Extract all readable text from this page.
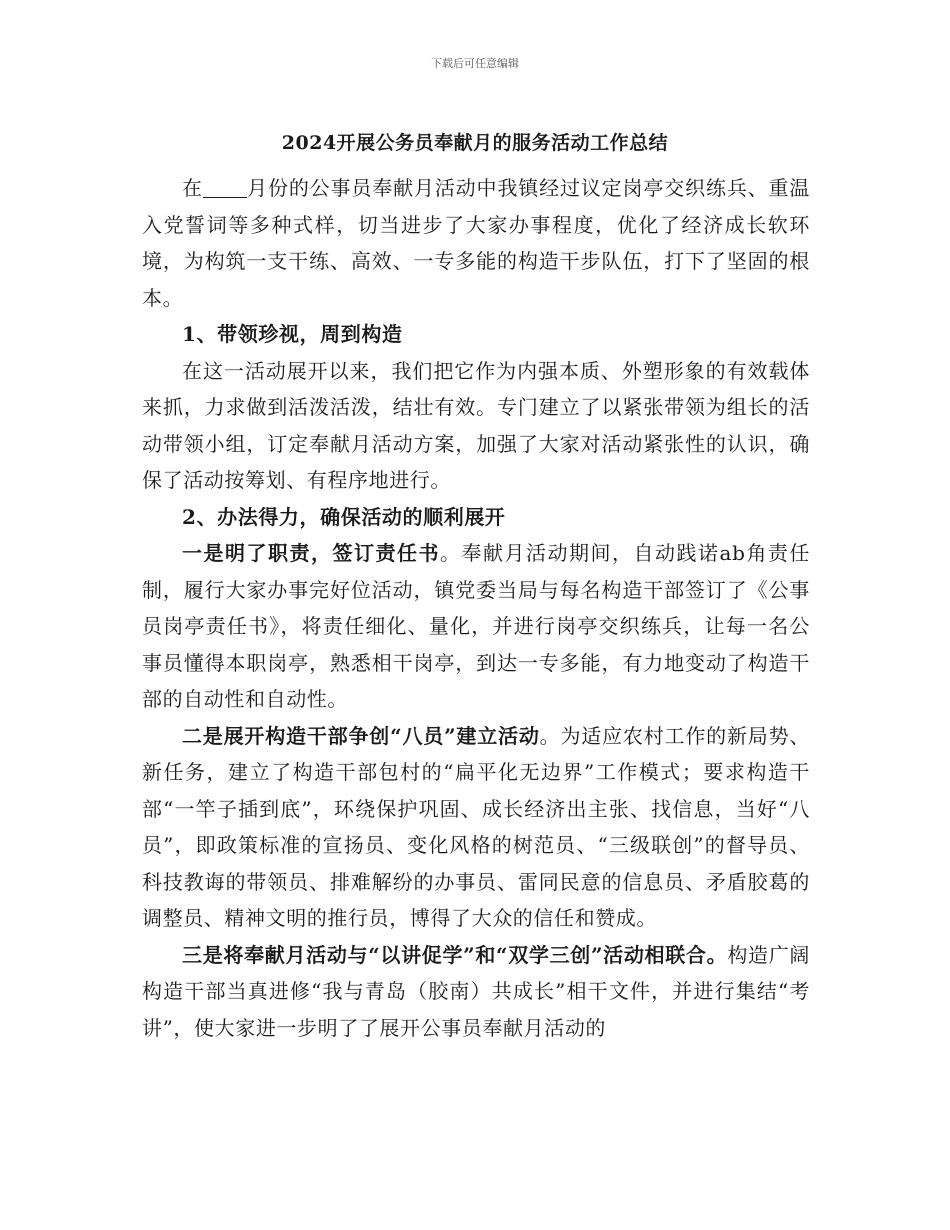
下载后可任意编辑
2024开展公务员奉献月的服务活动工作总结

在 月份的公事员奉献月活动中我镇经过议定岗亭交织练兵、重温入党誓词等多种式样，切当进步了大家办事程度，优化了经济成长软环境，为构筑一支干练、高效、一专多能的构造干步队伍，打下了坚固的根本。

1、带领珍视，周到构造

在这一活动展开以来，我们把它作为内强本质、外塑形象的有效载体来抓，力求做到活泼活泼，结壮有效。专门建立了以紧张带领为组长的活动带领小组，订定奉献月活动方案，加强了大家对活动紧张性的认识，确保了活动按筹划、有程序地进行。

2、办法得力，确保活动的顺利展开

一是明了职责，签订责任书。奉献月活动期间，自动践诺ab角责任制，履行大家办事完好位活动，镇党委当局与每名构造干部签订了《公事员岗亭责任书》，将责任细化、量化，并进行岗亭交织练兵，让每一名公事员懂得本职岗亭，熟悉相干岗亭，到达一专多能，有力地变动了构造干部的自动性和自动性。

二是展开构造干部争创“八员”建立活动。为适应农村工作的新局势、新任务，建立了构造干部包村的“扁平化无边界”工作模式；要求构造干部“一竿子插到底”，环绕保护巩固、成长经济出主张、找信息，当好“八员”，即政策标准的宣扬员、变化风格的树范员、“三级联创”的督导员、科技教诲的带领员、排难解纷的办事员、雷同民意的信息员、矛盾胶葛的调整员、精神文明的推行员，博得了大众的信任和赞成。

三是将奉献月活动与“以讲促学”和“双学三创”活动相联合。构造广阔构造干部当真进修“我与青岛（胶南）共成长”相干文件，并进行集结“考讲”，使大家进一步明了了展开公事员奉献月活动的
